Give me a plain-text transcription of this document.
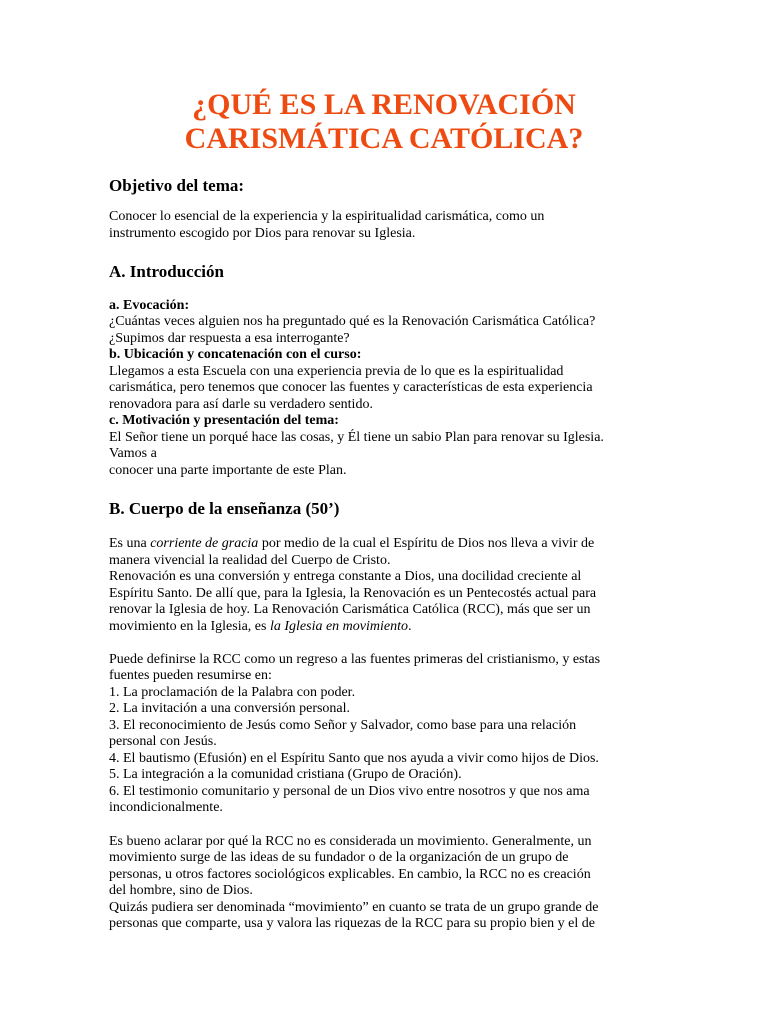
¿QUÉ ES LA RENOVACIÓN
CARISMÁTICA CATÓLICA?
Objetivo del tema:
Conocer lo esencial de la experiencia y la espiritualidad carismática, como un
instrumento escogido por Dios para renovar su Iglesia.
A. Introducción
a. Evocación:
¿Cuántas veces alguien nos ha preguntado qué es la Renovación Carismática Católica?
¿Supimos dar respuesta a esa interrogante?
b. Ubicación y concatenación con el curso:
Llegamos a esta Escuela con una experiencia previa de lo que es la espiritualidad
carismática, pero tenemos que conocer las fuentes y características de esta experiencia
renovadora para así darle su verdadero sentido.
c. Motivación y presentación del tema:
El Señor tiene un porqué hace las cosas, y Él tiene un sabio Plan para renovar su Iglesia.
Vamos a
conocer una parte importante de este Plan.
B. Cuerpo de la enseñanza (50’)
Es una corriente de gracia por medio de la cual el Espíritu de Dios nos lleva a vivir de
manera vivencial la realidad del Cuerpo de Cristo.
Renovación es una conversión y entrega constante a Dios, una docilidad creciente al
Espíritu Santo. De allí que, para la Iglesia, la Renovación es un Pentecostés actual para
renovar la Iglesia de hoy. La Renovación Carismática Católica (RCC), más que ser un
movimiento en la Iglesia, es la Iglesia en movimiento.
Puede definirse la RCC como un regreso a las fuentes primeras del cristianismo, y estas
fuentes pueden resumirse en:
1. La proclamación de la Palabra con poder.
2. La invitación a una conversión personal.
3. El reconocimiento de Jesús como Señor y Salvador, como base para una relación
personal con Jesús.
4. El bautismo (Efusión) en el Espíritu Santo que nos ayuda a vivir como hijos de Dios.
5. La integración a la comunidad cristiana (Grupo de Oración).
6. El testimonio comunitario y personal de un Dios vivo entre nosotros y que nos ama
incondicionalmente.
Es bueno aclarar por qué la RCC no es considerada un movimiento. Generalmente, un
movimiento surge de las ideas de su fundador o de la organización de un grupo de
personas, u otros factores sociológicos explicables. En cambio, la RCC no es creación
del hombre, sino de Dios.
Quizás pudiera ser denominada “movimiento” en cuanto se trata de un grupo grande de
personas que comparte, usa y valora las riquezas de la RCC para su propio bien y el de
